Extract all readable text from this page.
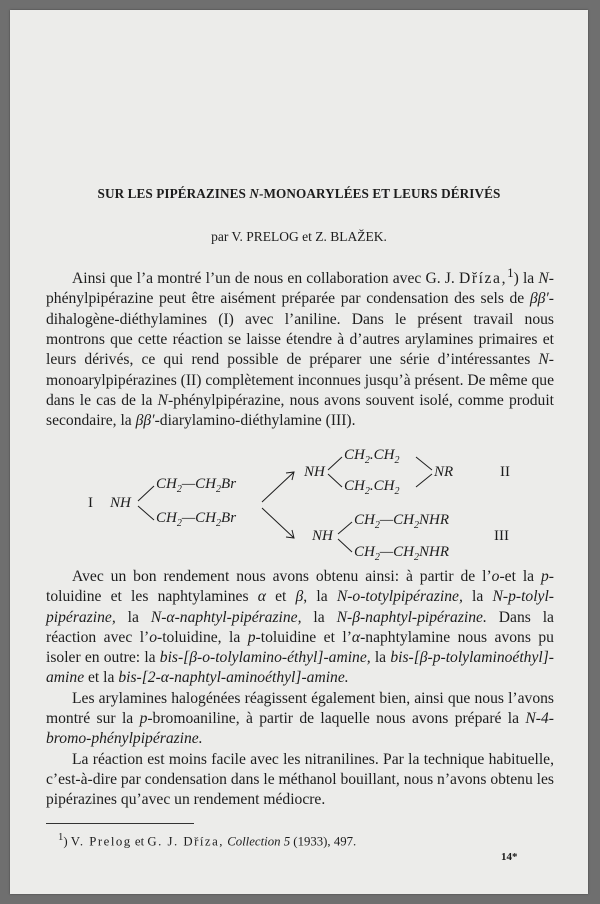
SUR LES PIPÉRAZINES N-MONOARYLÉES ET LEURS DÉRIVÉS
par V. PRELOG et Z. BLAŽEK.

Ainsi que l’a montré l’un de nous en collaboration avec G. J. Dříza,$^1$) la N-phénylpipérazine peut être aisément préparée par condensation des sels de ββ′-dihalogène-diéthylamines (I) avec l’aniline. Dans le présent travail nous montrons que cette réaction se laisse étendre à d’autres arylamines primaires et leurs dérivés, ce qui rend possible de préparer une série d’intéressantes N-monoarylpipérazines (II) complètement inconnues jusqu’à présent. De même que dans le cas de la N-phénylpipérazine, nous avons souvent isolé, comme produit secondaire, la ββ′-diarylamino-diéthylamine (III).

I NH
$CH_2—CH_2Br$
$CH_2—CH_2Br$
NH
$CH_2.CH_2$
$CH_2.CH_2$
NR	II
NH
$CH_2—CH_2NHR$
$CH_2—CH_2NHR$
III

Avec un bon rendement nous avons obtenu ainsi: à partir de l’o-et la p-toluidine et les naphtylamines α et β, la N-o-totylpipérazine, la N-p-tolyl-pipérazine, la N-α-naphtyl-pipérazine, la N-β-naphtyl-pipérazine. Dans la réaction avec l’o-toluidine, la p-toluidine et l’α-naphtylamine nous avons pu isoler en outre: la bis-[β-o-tolylamino-éthyl]-amine, la bis-[β-p-tolylaminoéthyl]-amine et la bis-[2-α-naphtyl-aminoéthyl]-amine.

Les arylamines halogénées réagissent également bien, ainsi que nous l’avons montré sur la p-bromoaniline, à partir de laquelle nous avons préparé la N-4-bromo-phénylpipérazine.

La réaction est moins facile avec les nitranilines. Par la technique habituelle, c’est-à-dire par condensation dans le méthanol bouillant, nous n’avons obtenu les pipérazines qu’avec un rendement médiocre.

$^1$) V. Prelog et G. J. Dříza, Collection 5 (1933), 497.
14*
